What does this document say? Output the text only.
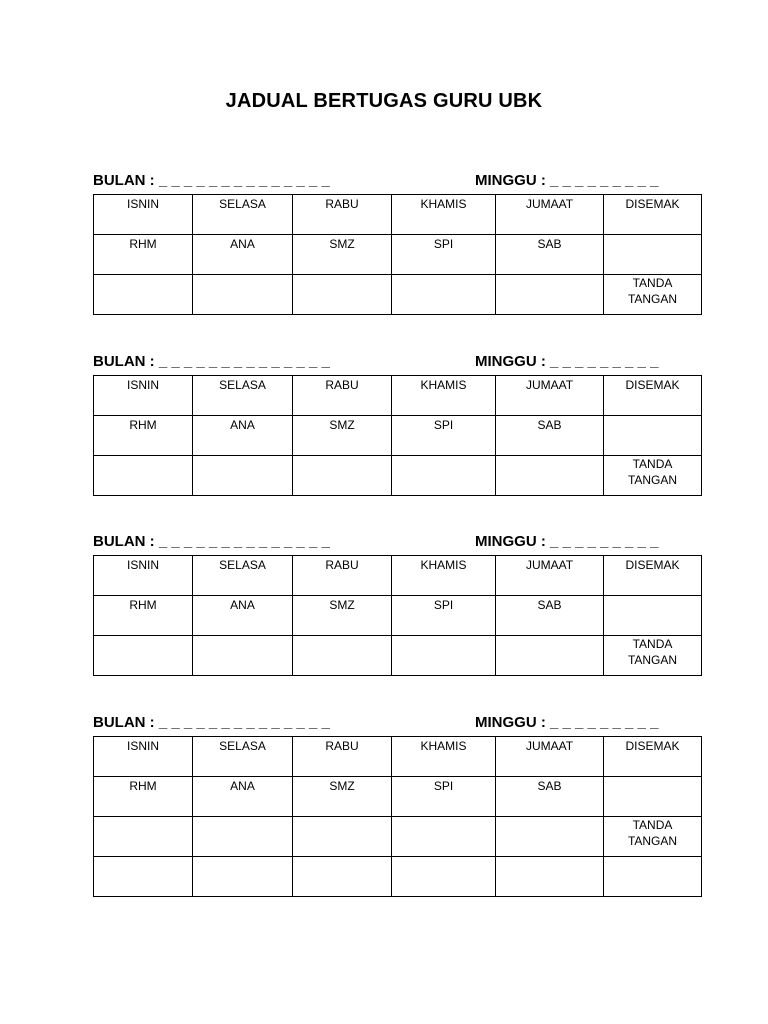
JADUAL BERTUGAS GURU UBK
BULAN : _ _ _ _ _ _ _ _ _ _ _ _ _ _	MINGGU : _ _ _ _ _ _ _ _ _
ISNIN	SELASA	RABU	KHAMIS	JUMAAT	DISEMAK

RHM	ANA	SMZ	SPI	SAB	

					TANDA
TANGAN
BULAN : _ _ _ _ _ _ _ _ _ _ _ _ _ _	MINGGU : _ _ _ _ _ _ _ _ _
ISNIN	SELASA	RABU	KHAMIS	JUMAAT	DISEMAK

RHM	ANA	SMZ	SPI	SAB	

					TANDA
TANGAN
BULAN : _ _ _ _ _ _ _ _ _ _ _ _ _ _	MINGGU : _ _ _ _ _ _ _ _ _
ISNIN	SELASA	RABU	KHAMIS	JUMAAT	DISEMAK

RHM	ANA	SMZ	SPI	SAB	

					TANDA
TANGAN
BULAN : _ _ _ _ _ _ _ _ _ _ _ _ _ _	MINGGU : _ _ _ _ _ _ _ _ _
ISNIN	SELASA	RABU	KHAMIS	JUMAAT	DISEMAK

RHM	ANA	SMZ	SPI	SAB	

					TANDA
TANGAN
